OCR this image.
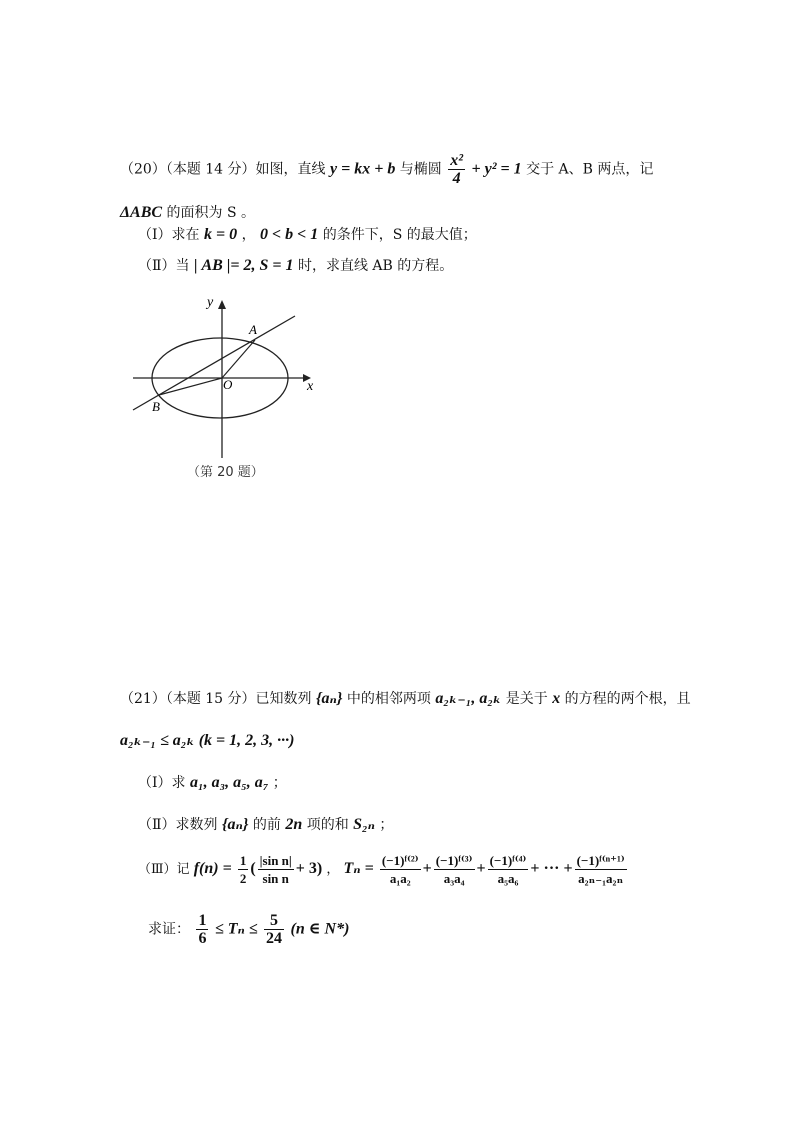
（20）（本题 14 分）如图，直线 y = kx + b 与椭圆 $\frac{\text{x²}}{4} + y^2 = 1$ 交于 A、B 两点，记
ΔABC 的面积为 S 。
（Ⅰ）求在 k = 0 ， 0 < b < 1 的条件下，S 的最大值；
（Ⅱ）当 | AB |= 2, S = 1 时，求直线 AB 的方程。
y
x
O
A
B
（第 20 题）
（21）（本题 15 分）已知数列 {aₙ} 中的相邻两项 a₂ₖ₋₁, a₂ₖ 是关于 x 的方程的两个根，且
a₂ₖ₋₁ ≤ a₂ₖ (k = 1, 2, 3, ···)
（Ⅰ）求 a₁, a₃, a₅, a₇ ；
（Ⅱ）求数列 {aₙ} 的前 2n 项的和 S₂ₙ ；
（Ⅲ）记 $f(n) = \frac{1}{2}$ ( $\frac{\text{|sin n|}}{\text{sin n}} + 3$) ， $T_n = \frac{\text{(−1)ᶠ⁽²⁾}}{\text{a₁a₂}} + \frac{\text{(−1)ᶠ⁽³⁾}}{\text{a₃a₄}} + \frac{\text{(−1)ᶠ⁽⁴⁾}}{\text{a₅a₆}}$ + ··· + $\frac{\text{(−1)ᶠ⁽ⁿ⁺¹⁾}}{\text{a₂ₙ₋₁a₂ₙ}}$
求证： $\frac{1}{6} \le T_n \le \frac{5}{24} (n$ ∈ N*)
